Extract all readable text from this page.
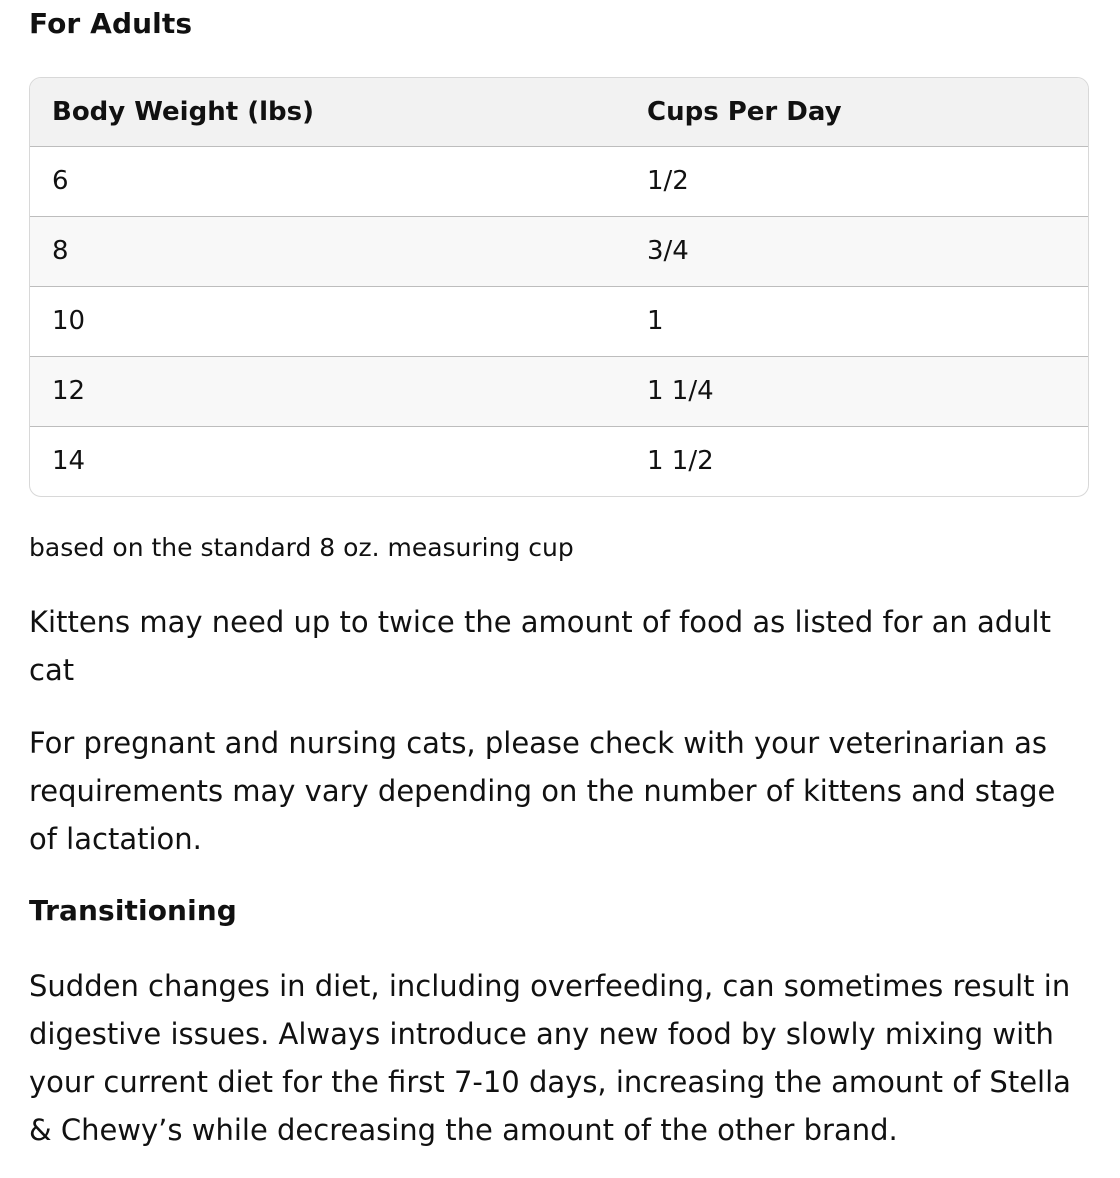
For Adults
Body Weight (lbs)	Cups Per Day
6	1/2
8	3/4
10	1
12	1 1/4
14	1 1/2

based on the standard 8 oz. measuring cup

Kittens may need up to twice the amount of food as listed for an adult cat

For pregnant and nursing cats, please check with your veterinarian as requirements may vary depending on the number of kittens and stage of lactation.

Transitioning

Sudden changes in diet, including overfeeding, can sometimes result in digestive issues. Always introduce any new food by slowly mixing with your current diet for the first 7-10 days, increasing the amount of Stella & Chewy’s while decreasing the amount of the other brand.
